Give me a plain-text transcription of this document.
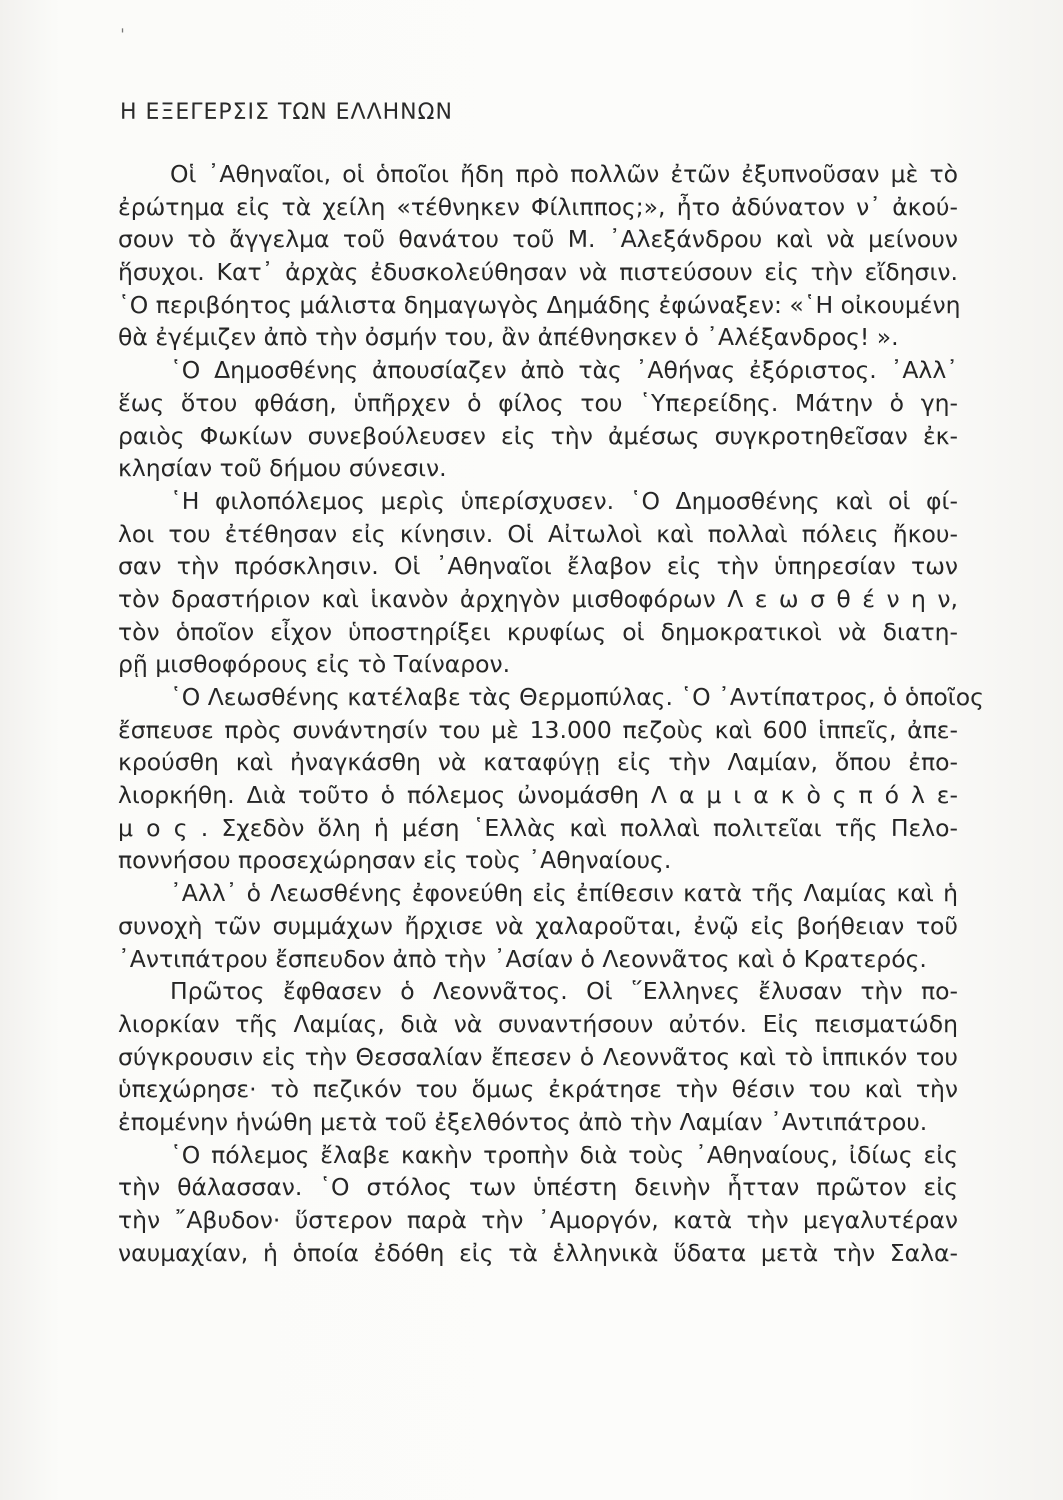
ˈ
Η ΕΞΕΓΕΡΣΙΣ ΤΩΝ ΕΛΛΗΝΩΝ
Οἱ ᾿Αθηναῖοι, οἱ ὁποῖοι ἤδη πρὸ πολλῶν ἐτῶν ἐξυπνοῦσαν μὲ τὸ
ἐρώτημα εἰς τὰ χείλη «τέθνηκεν Φίλιππος;», ἦτο ἀδύνατον ν᾿ ἀκού-
σουν τὸ ἄγγελμα τοῦ θανάτου τοῦ Μ. ᾿Αλεξάνδρου καὶ νὰ μείνουν
ἥσυχοι. Κατ᾿ ἀρχὰς ἐδυσκολεύθησαν νὰ πιστεύσουν εἰς τὴν εἴδησιν.
῾Ο περιβόητος μάλιστα δημαγωγὸς Δημάδης ἐφώναξεν: «῾Η οἰκουμένη
θὰ ἐγέμιζεν ἀπὸ τὴν ὀσμήν του, ἂν ἀπέθνησκεν ὁ ᾿Αλέξανδρος! ».
῾Ο Δημοσθένης ἀπουσίαζεν ἀπὸ τὰς ᾿Αθήνας ἐξόριστος. ᾿Αλλ᾿
ἕως ὅτου φθάση, ὑπῆρχεν ὁ φίλος του ῾Υπερείδης. Μάτην ὁ γη-
ραιὸς Φωκίων συνεβούλευσεν εἰς τὴν ἀμέσως συγκροτηθεῖσαν ἐκ-
κλησίαν τοῦ δήμου σύνεσιν.
῾Η φιλοπόλεμος μερὶς ὑπερίσχυσεν. ῾Ο Δημοσθένης καὶ οἱ φί-
λοι του ἐτέθησαν εἰς κίνησιν. Οἱ Αἰτωλοὶ καὶ πολλαὶ πόλεις ἤκου-
σαν τὴν πρόσκλησιν. Οἱ ᾿Αθηναῖοι ἔλαβον εἰς τὴν ὑπηρεσίαν των
τὸν δραστήριον καὶ ἱκανὸν ἀρχηγὸν μισθοφόρων Λ ε ω σ θ έ ν η ν,
τὸν ὁποῖον εἶχον ὑποστηρίξει κρυφίως οἱ δημοκρατικοὶ νὰ διατη-
ρῇ μισθοφόρους εἰς τὸ Ταίναρον.
῾Ο Λεωσθένης κατέλαβε τὰς Θερμοπύλας. ῾Ο ᾿Αντίπατρος, ὁ ὁποῖος
ἔσπευσε πρὸς συνάντησίν του μὲ 13.000 πεζοὺς καὶ 600 ἱππεῖς, ἀπε-
κρούσθη καὶ ἠναγκάσθη νὰ καταφύγῃ εἰς τὴν Λαμίαν, ὅπου ἐπο-
λιορκήθη. Διὰ τοῦτο ὁ πόλεμος ὠνομάσθη Λ α μ ι α κ ὸ ς π ό λ ε-
μ ο ς . Σχεδὸν ὅλη ἡ μέση ῾Ελλὰς καὶ πολλαὶ πολιτεῖαι τῆς Πελο-
ποννήσου προσεχώρησαν εἰς τοὺς ᾿Αθηναίους.
᾿Αλλ᾿ ὁ Λεωσθένης ἐφονεύθη εἰς ἐπίθεσιν κατὰ τῆς Λαμίας καὶ ἡ
συνοχὴ τῶν συμμάχων ἤρχισε νὰ χαλαροῦται, ἐνῷ εἰς βοήθειαν τοῦ
᾿Αντιπάτρου ἔσπευδον ἀπὸ τὴν ᾿Ασίαν ὁ Λεοννᾶτος καὶ ὁ Κρατερός.
Πρῶτος ἔφθασεν ὁ Λεοννᾶτος. Οἱ ῞Ελληνες ἔλυσαν τὴν πο-
λιορκίαν τῆς Λαμίας, διὰ νὰ συναντήσουν αὐτόν. Εἰς πεισματώδη
σύγκρουσιν εἰς τὴν Θεσσαλίαν ἔπεσεν ὁ Λεοννᾶτος καὶ τὸ ἱππικόν του
ὑπεχώρησε· τὸ πεζικόν του ὅμως ἐκράτησε τὴν θέσιν του καὶ τὴν
ἐπομένην ἡνώθη μετὰ τοῦ ἐξελθόντος ἀπὸ τὴν Λαμίαν ᾿Αντιπάτρου.
῾Ο πόλεμος ἔλαβε κακὴν τροπὴν διὰ τοὺς ᾿Αθηναίους, ἰδίως εἰς
τὴν θάλασσαν. ῾Ο στόλος των ὑπέστη δεινὴν ἧτταν πρῶτον εἰς
τὴν ῎Αβυδον· ὕστερον παρὰ τὴν ᾿Αμοργόν, κατὰ τὴν μεγαλυτέραν
ναυμαχίαν, ἡ ὁποία ἐδόθη εἰς τὰ ἑλληνικὰ ὕδατα μετὰ τὴν Σαλα-
